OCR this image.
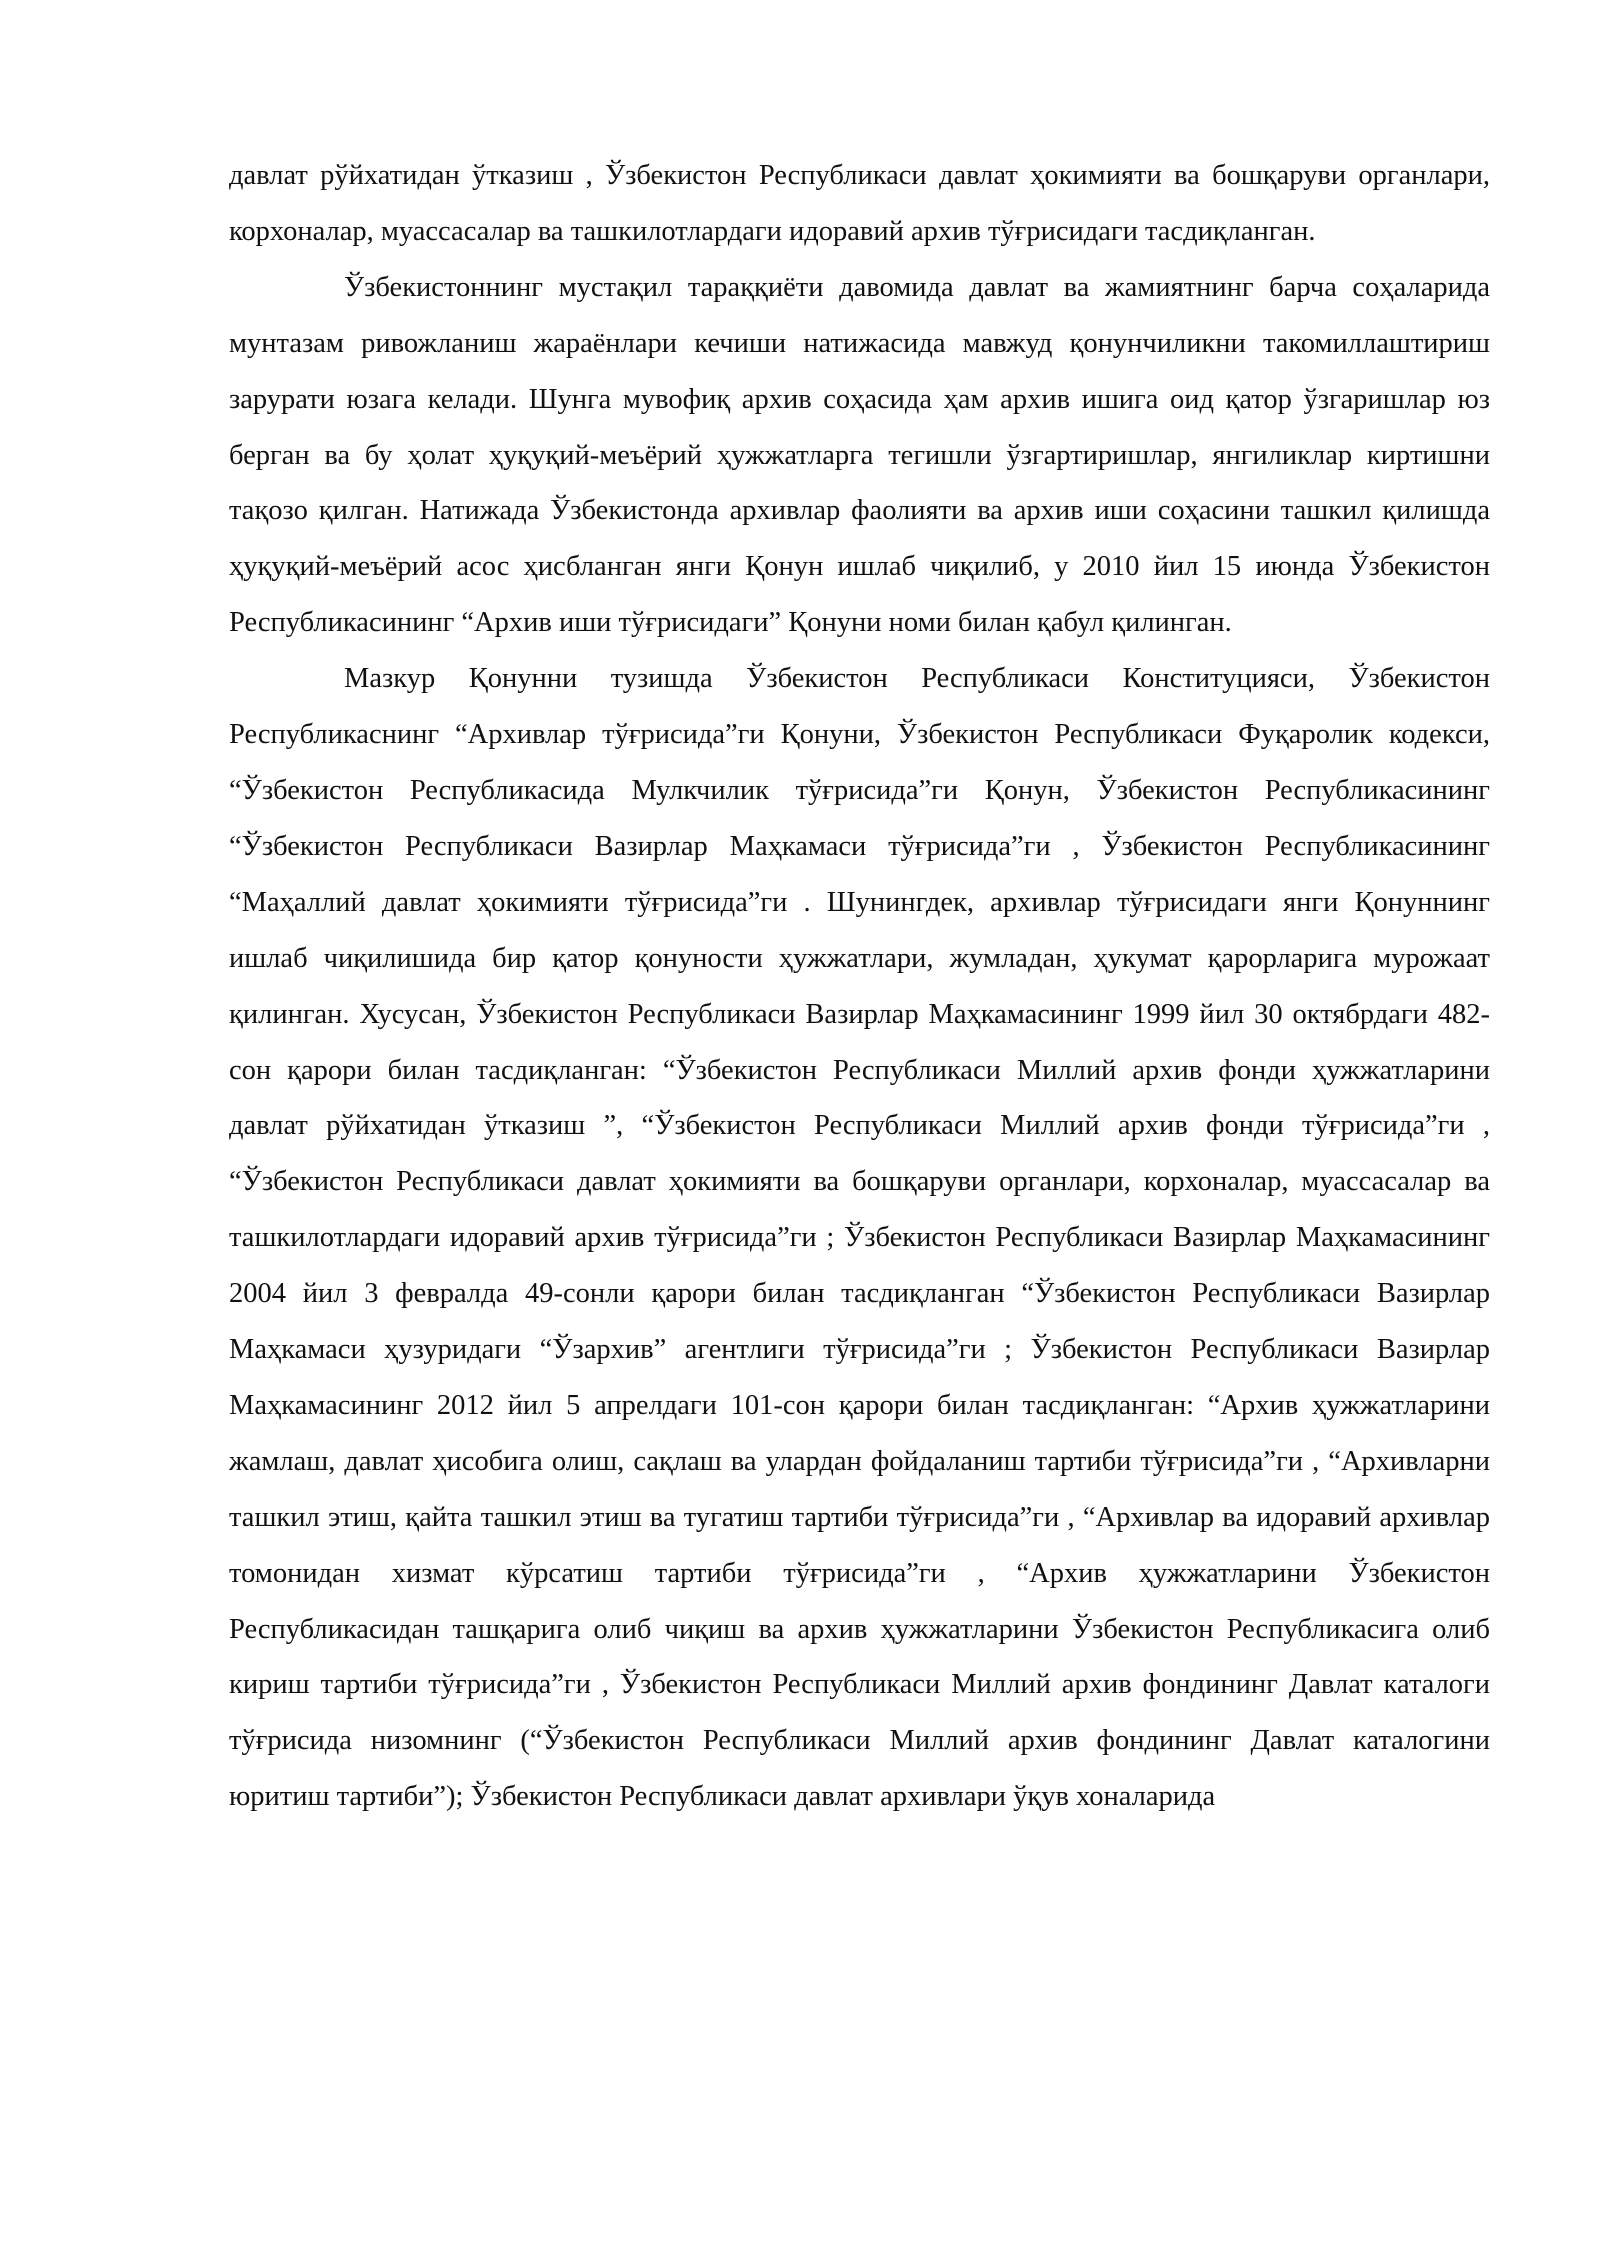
давлат рўйхатидан ўтказиш , Ўзбекистон Республикаси давлат ҳокимияти ва бошқаруви органлари, корхоналар, муассасалар ва ташкилотлардаги идоравий архив тўғрисидаги тасдиқланган.

Ўзбекистоннинг мустақил тараққиёти давомида давлат ва жамиятнинг барча соҳаларида мунтазам ривожланиш жараёнлари кечиши натижасида мавжуд қонунчиликни такомиллаштириш зарурати юзага келади. Шунга мувофиқ архив соҳасида ҳам архив ишига оид қатор ўзгаришлар юз берган ва бу ҳолат ҳуқуқий-меъёрий ҳужжатларга тегишли ўзгартиришлар, янгиликлар киртишни тақозо қилган. Натижада Ўзбекистонда архивлар фаолияти ва архив иши соҳасини ташкил қилишда ҳуқуқий-меъёрий асос ҳисбланган янги Қонун ишлаб чиқилиб, у 2010 йил 15 июнда Ўзбекистон Республикасининг “Архив иши тўғрисидаги” Қонуни номи билан қабул қилинган.

Мазкур Қонунни тузишда Ўзбекистон Республикаси Конституцияси, Ўзбекистон Республикаснинг “Архивлар тўғрисида”ги Қонуни, Ўзбекистон Республикаси Фуқаролик кодекси, “Ўзбекистон Республикасида Мулкчилик тўғрисида”ги Қонун, Ўзбекистон Республикасининг “Ўзбекистон Республикаси Вазирлар Маҳкамаси тўғрисида”ги , Ўзбекистон Республикасининг “Маҳаллий давлат ҳокимияти тўғрисида”ги . Шунингдек, архивлар тўғрисидаги янги Қонуннинг ишлаб чиқилишида бир қатор қонуности ҳужжатлари, жумладан, ҳукумат қарорларига мурожаат қилинган. Хусусан, Ўзбекистон Республикаси Вазирлар Маҳкамасининг 1999 йил 30 октябрдаги 482-сон қарори билан тасдиқланган: “Ўзбекистон Республикаси Миллий архив фонди ҳужжатларини давлат рўйхатидан ўтказиш ”, “Ўзбекистон Республикаси Миллий архив фонди тўғрисида”ги , “Ўзбекистон Республикаси давлат ҳокимияти ва бошқаруви органлари, корхоналар, муассасалар ва ташкилотлардаги идоравий архив тўғрисида”ги ; Ўзбекистон Республикаси Вазирлар Маҳкамасининг 2004 йил 3 февралда 49-сонли қарори билан тасдиқланган “Ўзбекистон Республикаси Вазирлар Маҳкамаси ҳузуридаги “Ўзархив” агентлиги тўғрисида”ги ; Ўзбекистон Республикаси Вазирлар Маҳкамасининг 2012 йил 5 апрелдаги 101-сон қарори билан тасдиқланган: “Архив ҳужжатларини жамлаш, давлат ҳисобига олиш, сақлаш ва улардан фойдаланиш тартиби тўғрисида”ги , “Архивларни ташкил этиш, қайта ташкил этиш ва тугатиш тартиби тўғрисида”ги , “Архивлар ва идоравий архивлар томонидан хизмат кўрсатиш тартиби тўғрисида”ги , “Архив ҳужжатларини Ўзбекистон Республикасидан ташқарига олиб чиқиш ва архив ҳужжатларини Ўзбекистон Республикасига олиб кириш тартиби тўғрисида”ги , Ўзбекистон Республикаси Миллий архив фондининг Давлат каталоги тўғрисида низомнинг (“Ўзбекистон Республикаси Миллий архив фондининг Давлат каталогини юритиш тартиби”); Ўзбекистон Республикаси давлат архивлари ўқув хоналарида
